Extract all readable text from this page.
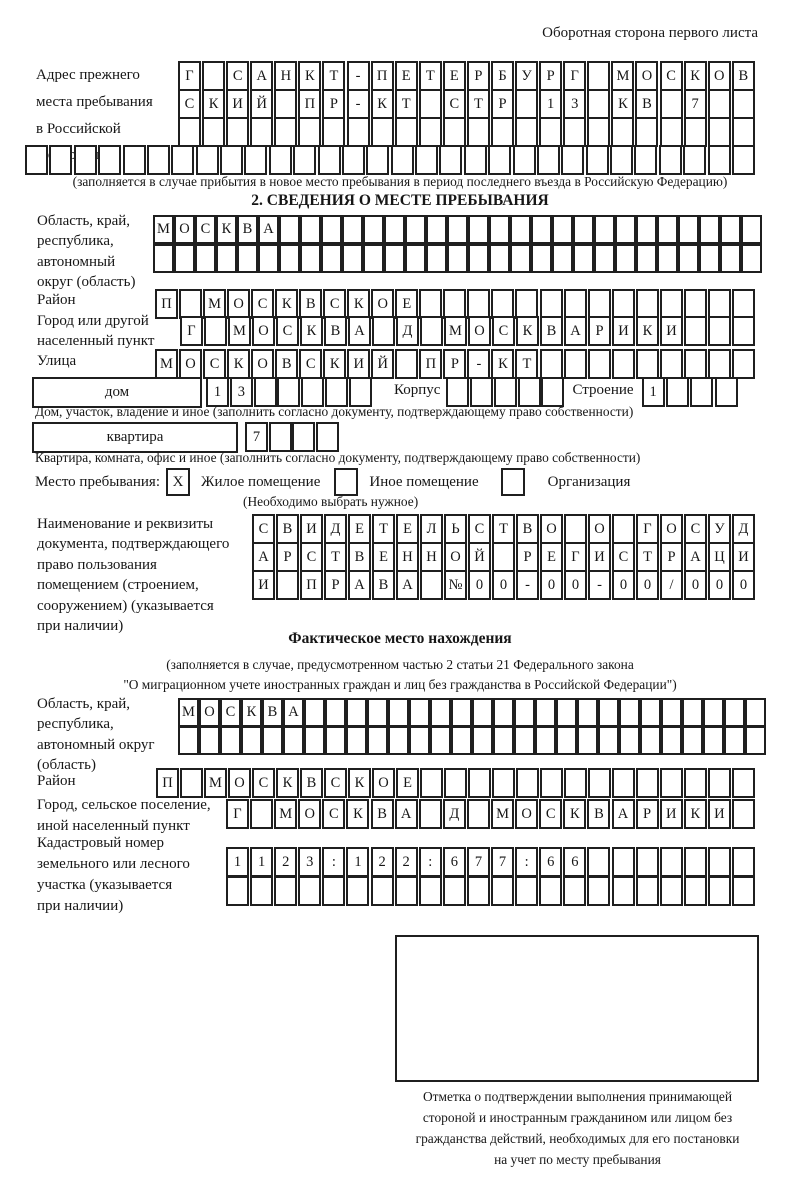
Оборотная сторона первого листа
Адрес прежнего
места пребывания
в Российской
Г	С А Н К	Т	-	П Е	Т	Е	Р	Б	У	Р	Г	М О С К О В
С К И Й	П	Р	-	К	Т	С	Т	Р	1	3	К В	7
(заполняется в случае прибытия в новое место пребывания в период последнего въезда в Российскую Федерацию)
2. СВЕДЕНИЯ О МЕСТЕ ПРЕБЫВАНИЯ
Область, край,
республика,
автономный
округ (область)
М О С К В А
Район	П	М О С К В С К О Е
Город или другой
населенный пункт
Г	М О С К В А	Д	М О С К В А	Р	И К И
Улица	М О С К О В С К И Й	П	Р	-	К	Т
дом	1	3	Корпус	Строение	1
Дом, участок, владение и иное (заполнить согласно документу, подтверждающему право собственности)
квартира	7
Квартира, комната, офис и иное (заполнить согласно документу, подтверждающему право собственности)
Место пребывания: X	Жилое помещение	Иное помещение	Организация
(Необходимо выбрать нужное)
Наименование и реквизиты
документа, подтверждающего
право пользования
помещением (строением,
сооружением) (указывается
при наличии)
С В И Д	Е	Т	Е	Л	Ь	С	Т	В О	О	Г	О С У Д
А	Р	С	Т	В	Е Н Н О Й	Р	Е	Г	И С	Т	Р	А Ц И
И	П	Р	А В А	№ 0	0	-	0	0	-	0	0	/	0	0	0
Фактическое место нахождения
(заполняется в случае, предусмотренном частью 2 статьи 21 Федерального закона
"О миграционном учете иностранных граждан и лиц без гражданства в Российской Федерации")
Область, край,
республика,
автономный округ
(область)
М О С К В А
Район	П	М О С К В С К О Е
Город, сельское поселение,
иной населенный пункт
Г	М О С К В А	Д	М О С К В А	Р	И К И
Кадастровый номер
земельного или лесного
участка (указывается
при наличии)
1	1	2	3	:	1	2	2	:	6	7	7	:	6	6
Отметка о подтверждении выполнения принимающей
стороной и иностранным гражданином или лицом без
гражданства действий, необходимых для его постановки
на учет по месту пребывания
